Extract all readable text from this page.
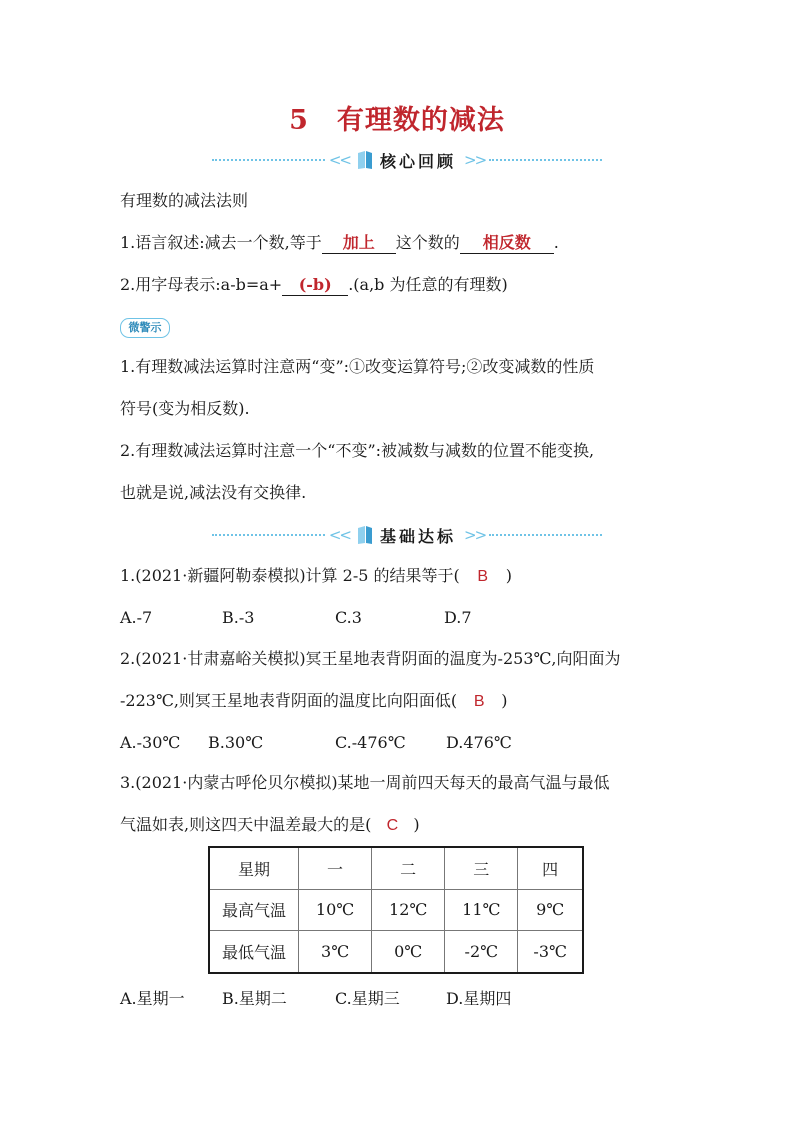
5 有理数的减法
<< 核心回顾 >>
有理数的减法法则
1.语言叙述:减去一个数,等于 加上 这个数的 相反数 .
2.用字母表示:a-b=a+ (-b) .(a,b 为任意的有理数)
微警示
1.有理数减法运算时注意两“变”:①改变运算符号;②改变减数的性质
符号(变为相反数).
2.有理数减法运算时注意一个“不变”:被减数与减数的位置不能变换,
也就是说,减法没有交换律.
<< 基础达标 >>
1.(2021·新疆阿勒泰模拟)计算 2-5 的结果等于( B )
A.-7	B.-3	C.3	D.7
2.(2021·甘肃嘉峪关模拟)冥王星地表背阴面的温度为-253℃,向阳面为
-223℃,则冥王星地表背阴面的温度比向阳面低( B )
A.-30℃ B.30℃	C.-476℃	D.476℃
3.(2021·内蒙古呼伦贝尔模拟)某地一周前四天每天的最高气温与最低
气温如表,则这四天中温差最大的是( C )
星期	一	二	三	四
最高气温	10℃	12℃	11℃	9℃
最低气温	3℃	0℃	-2℃	-3℃
A.星期一 B.星期二	C.星期三	D.星期四
